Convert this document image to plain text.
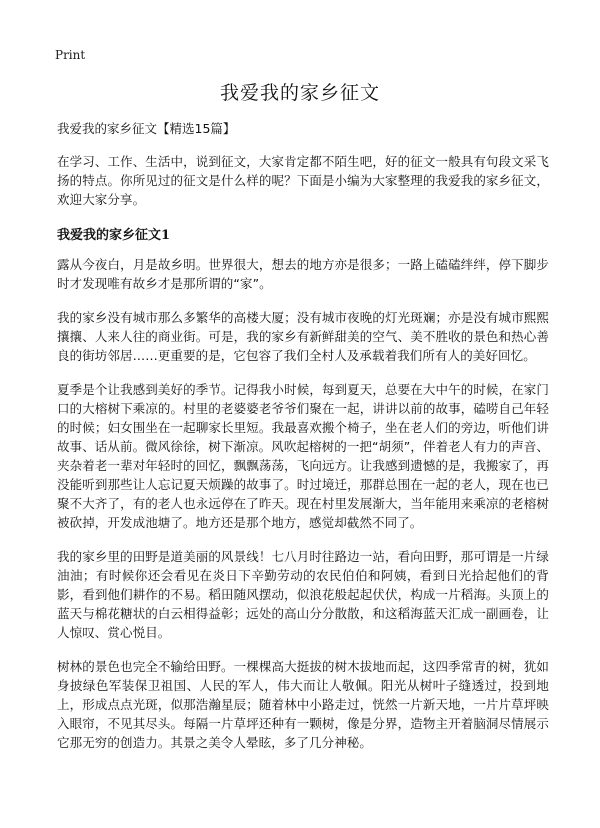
Print
我爱我的家乡征文

我爱我的家乡征文【精选15篇】

在学习、工作、生活中，说到征文，大家肯定都不陌生吧，好的征文一般具有句段文采飞扬的特点。你所见过的征文是什么样的呢？下面是小编为大家整理的我爱我的家乡征文，欢迎大家分享。

我爱我的家乡征文1

露从今夜白，月是故乡明。世界很大，想去的地方亦是很多；一路上磕磕绊绊，停下脚步时才发现唯有故乡才是那所谓的“家”。

我的家乡没有城市那么多繁华的高楼大厦；没有城市夜晚的灯光斑斓；亦是没有城市熙熙攘攘、人来人往的商业街。可是，我的家乡有新鲜甜美的空气、美不胜收的景色和热心善良的街坊邻居……更重要的是，它包容了我们全村人及承载着我们所有人的美好回忆。

夏季是个让我感到美好的季节。记得我小时候，每到夏天，总要在大中午的时候，在家门口的大榕树下乘凉的。村里的老婆婆老爷爷们聚在一起，讲讲以前的故事，磕唠自己年轻的时候；妇女围坐在一起聊家长里短。我最喜欢搬个椅子，坐在老人们的旁边，听他们讲故事、话从前。微风徐徐，树下渐凉。风吹起榕树的一把“胡须”，伴着老人有力的声音、夹杂着老一辈对年轻时的回忆，飘飘荡荡，飞向远方。让我感到遗憾的是，我搬家了，再没能听到那些让人忘记夏天烦躁的故事了。时过境迁，那群总围在一起的老人，现在也已聚不大齐了，有的老人也永远停在了昨天。现在村里发展渐大，当年能用来乘凉的老榕树被砍掉，开发成池塘了。地方还是那个地方，感觉却截然不同了。

我的家乡里的田野是道美丽的风景线！七八月时往路边一站，看向田野，那可谓是一片绿油油；有时候你还会看见在炎日下辛勤劳动的农民伯伯和阿姨，看到日光拾起他们的背影，看到他们耕作的不易。稻田随风摆动，似浪花般起起伏伏，构成一片稻海。头顶上的蓝天与棉花糖状的白云相得益彰；远处的高山分分散散，和这稻海蓝天汇成一副画卷，让人惊叹、赏心悦目。

树林的景色也完全不输给田野。一棵棵高大挺拔的树木拔地而起，这四季常青的树，犹如身披绿色军装保卫祖国、人民的军人，伟大而让人敬佩。阳光从树叶子缝透过，投到地上，形成点点光斑，似那浩瀚星辰；随着林中小路走过，恍然一片新天地，一片片草坪映入眼帘，不见其尽头。每隔一片草坪还种有一颗树，像是分界，造物主开着脑洞尽情展示它那无穷的创造力。其景之美令人晕眩，多了几分神秘。
